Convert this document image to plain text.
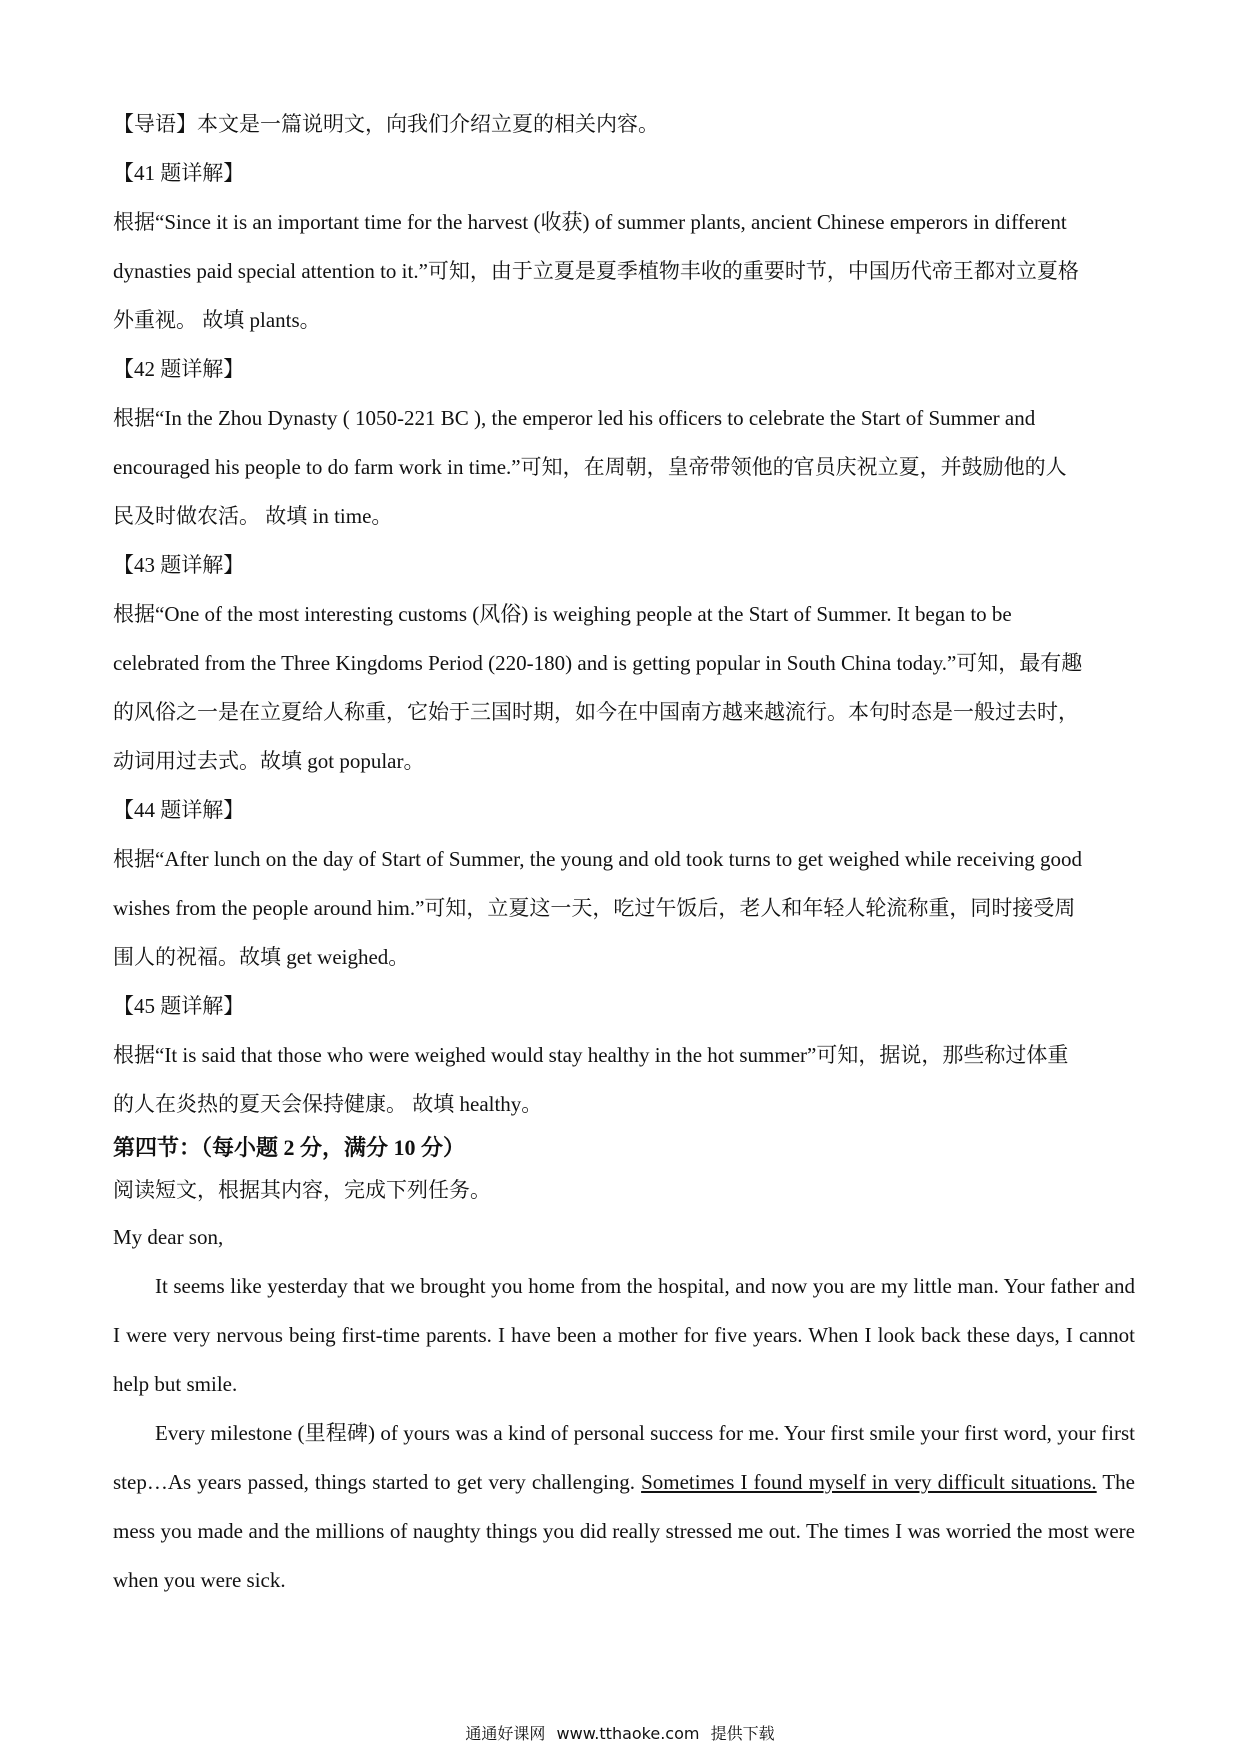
【导语】本文是一篇说明文，向我们介绍立夏的相关内容。

【41 题详解】

根据“Since it is an important time for the harvest (收获) of summer plants, ancient Chinese emperors in different

dynasties paid special attention to it.”可知，由于立夏是夏季植物丰收的重要时节，中国历代帝王都对立夏格

外重视。 故填 plants。

【42 题详解】

根据“In the Zhou Dynasty ( 1050-221 BC ), the emperor led his officers to celebrate the Start of Summer and

encouraged his people to do farm work in time.”可知，在周朝，皇帝带领他的官员庆祝立夏，并鼓励他的人

民及时做农活。 故填 in time。

【43 题详解】

根据“One of the most interesting customs (风俗) is weighing people at the Start of Summer. It began to be

celebrated from the Three Kingdoms Period (220-180) and is getting popular in South China today.”可知，最有趣

的风俗之一是在立夏给人称重，它始于三国时期，如今在中国南方越来越流行。本句时态是一般过去时，

动词用过去式。故填 got popular。

【44 题详解】

根据“After lunch on the day of Start of Summer, the young and old took turns to get weighed while receiving good

wishes from the people around him.”可知，立夏这一天，吃过午饭后，老人和年轻人轮流称重，同时接受周

围人的祝福。故填 get weighed。

【45 题详解】

根据“It is said that those who were weighed would stay healthy in the hot summer”可知，据说，那些称过体重

的人在炎热的夏天会保持健康。 故填 healthy。

第四节：（每小题 2 分，满分 10 分）

阅读短文，根据其内容，完成下列任务。

My dear son,

It seems like yesterday that we brought you home from the hospital, and now you are my little man. Your father and I were very nervous being first-time parents. I have been a mother for five years. When I look back these days, I cannot help but smile.

Every milestone (里程碑) of yours was a kind of personal success for me. Your first smile your first word, your first step…As years passed, things started to get very challenging. Sometimes I found myself in very difficult situations. The mess you made and the millions of naughty things you did really stressed me out. The times I was worried the most were when you were sick.

通通好课网 www.tthaoke.com 提供下载
